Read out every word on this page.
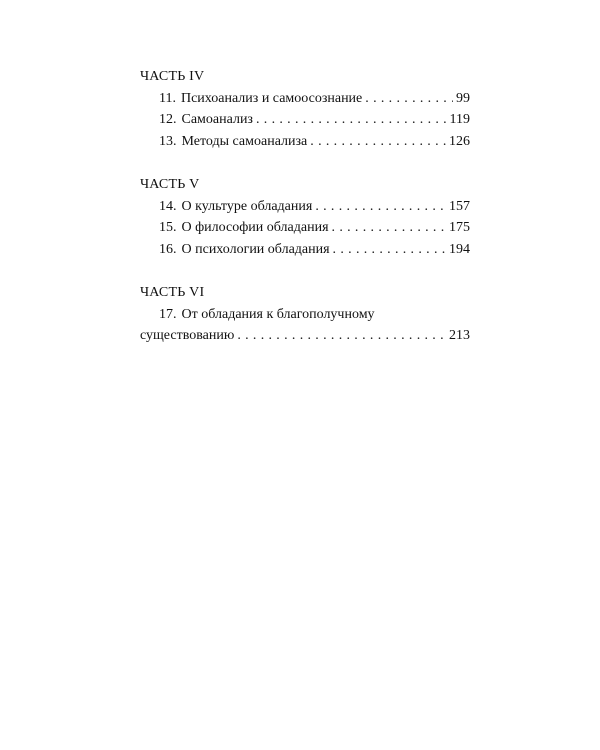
ЧАСТЬ IV
11. Психоанализ и самоосознание . . .	99
12. Самоанализ . . .	119
13. Методы самоанализа . . .	126
ЧАСТЬ V
14. О культуре обладания . . .	157
15. О философии обладания . . .	175
16. О психологии обладания . . .	194
ЧАСТЬ VI
17. От обладания к благополучному
существованию . . .	213
